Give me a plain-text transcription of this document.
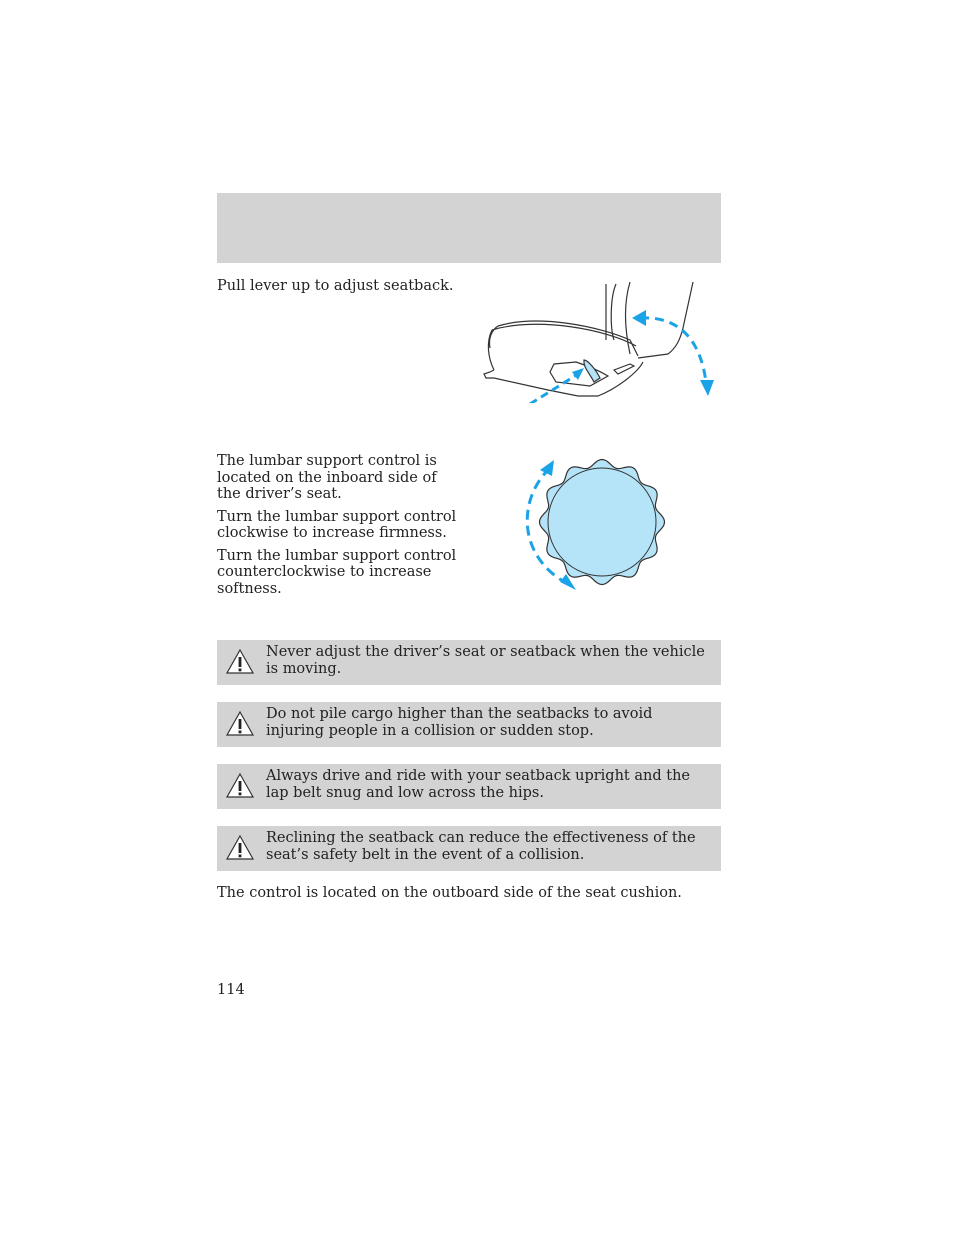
Pull lever up to adjust seatback.

The lumbar support control is located on the inboard side of the driver’s seat.

Turn the lumbar support control clockwise to increase firmness.

Turn the lumbar support control counterclockwise to increase softness.

Never adjust the driver’s seat or seatback when the vehicle is moving.
Do not pile cargo higher than the seatbacks to avoid injuring people in a collision or sudden stop.
Always drive and ride with your seatback upright and the lap belt snug and low across the hips.
Reclining the seatback can reduce the effectiveness of the seat’s safety belt in the event of a collision.
The control is located on the outboard side of the seat cushion.
114
